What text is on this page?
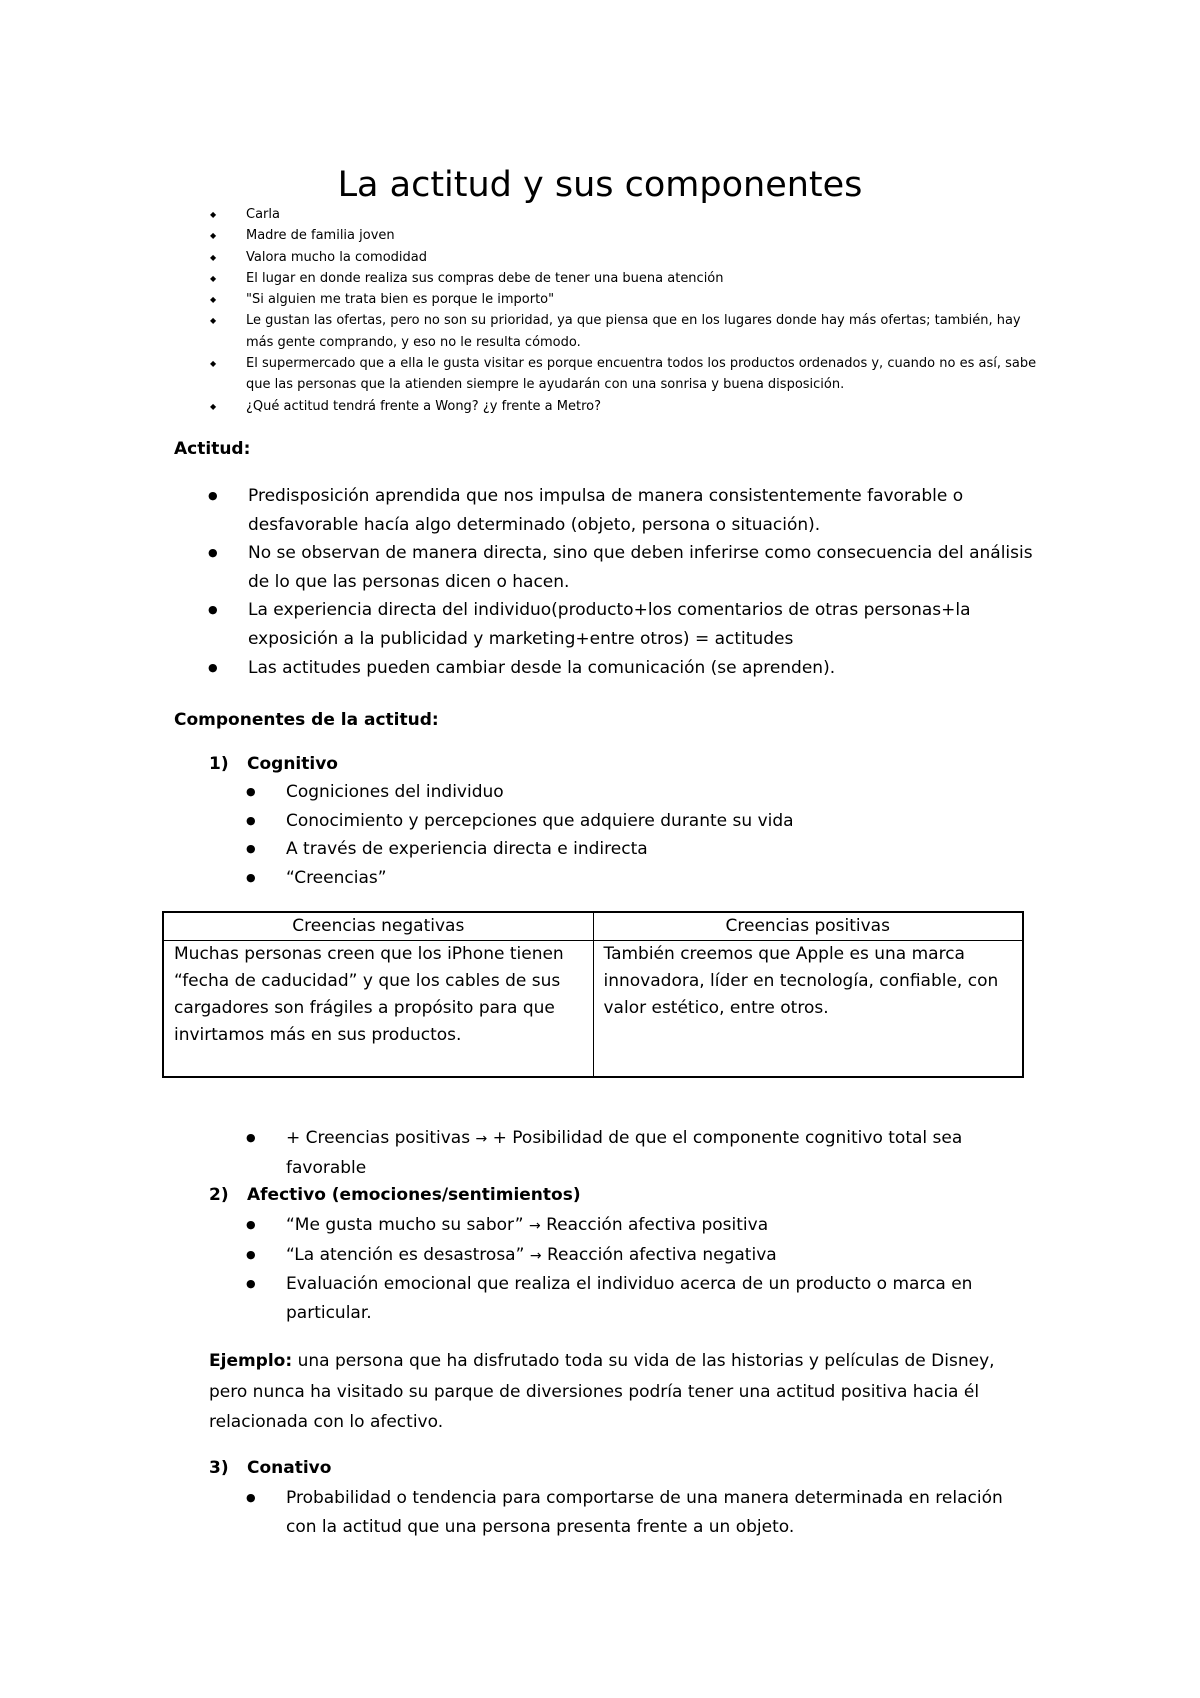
La actitud y sus componentes
◆ Carla
◆ Madre de familia joven
◆ Valora mucho la comodidad
◆ El lugar en donde realiza sus compras debe de tener una buena atención
◆ "Si alguien me trata bien es porque le importo"
◆ Le gustan las ofertas, pero no son su prioridad, ya que piensa que en los lugares donde hay más ofertas; también, hay más gente comprando, y eso no le resulta cómodo.
◆ El supermercado que a ella le gusta visitar es porque encuentra todos los productos ordenados y, cuando no es así, sabe que las personas que la atienden siempre le ayudarán con una sonrisa y buena disposición.
◆ ¿Qué actitud tendrá frente a Wong? ¿y frente a Metro?
Actitud:
● Predisposición aprendida que nos impulsa de manera consistentemente favorable o desfavorable hacía algo determinado (objeto, persona o situación).
● No se observan de manera directa, sino que deben inferirse como consecuencia del análisis de lo que las personas dicen o hacen.
● La experiencia directa del individuo(producto+los comentarios de otras personas+la exposición a la publicidad y marketing+entre otros) = actitudes
● Las actitudes pueden cambiar desde la comunicación (se aprenden).
Componentes de la actitud:
1) Cognitivo
● Cogniciones del individuo
● Conocimiento y percepciones que adquiere durante su vida
● A través de experiencia directa e indirecta
● “Creencias”
Creencias negativas	Creencias positivas
Muchas personas creen que los iPhone tienen “fecha de caducidad” y que los cables de sus cargadores son frágiles a propósito para que invirtamos más en sus productos.	También creemos que Apple es una marca innovadora, líder en tecnología, confiable, con valor estético, entre otros.
● + Creencias positivas → + Posibilidad de que el componente cognitivo total sea favorable
2) Afectivo (emociones/sentimientos)
● “Me gusta mucho su sabor” → Reacción afectiva positiva
● “La atención es desastrosa” → Reacción afectiva negativa
● Evaluación emocional que realiza el individuo acerca de un producto o marca en particular.

Ejemplo: una persona que ha disfrutado toda su vida de las historias y películas de Disney, pero nunca ha visitado su parque de diversiones podría tener una actitud positiva hacia él relacionada con lo afectivo.

3) Conativo
● Probabilidad o tendencia para comportarse de una manera determinada en relación con la actitud que una persona presenta frente a un objeto.
